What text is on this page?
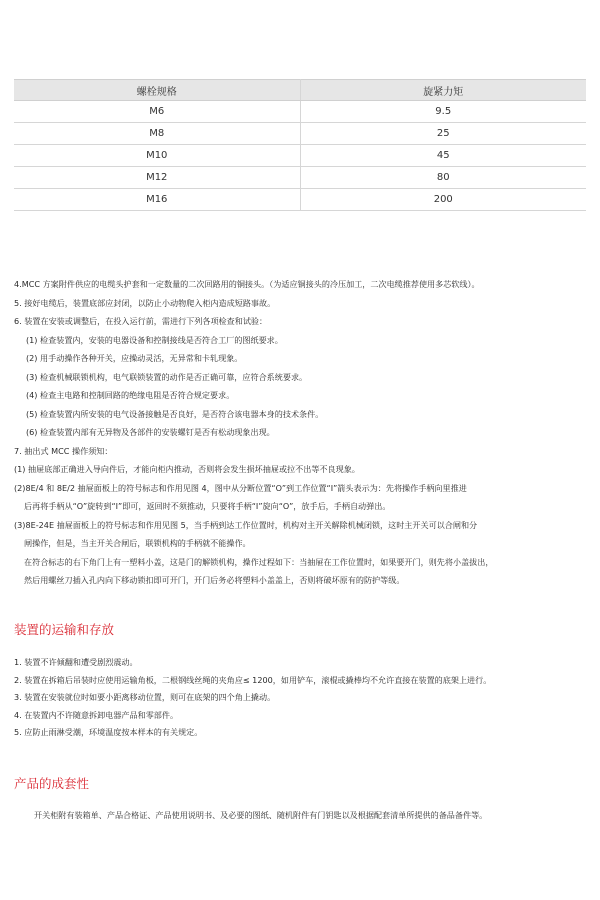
螺栓规格	旋紧力矩
M6	9.5
M8	25
M10	45
M12	80
M16	200

4.MCC 方案附件供应的电缆头护套和一定数量的二次回路用的铜接头。（为适应铜接头的冷压加工，二次电缆推荐使用多芯软线）。

5. 接好电缆后，装置底部应封闭，以防止小动物爬入柜内造成短路事故。

6. 装置在安装或调整后，在投入运行前，需进行下列各项检查和试验：

(1) 检查装置内，安装的电器设备和控制接线是否符合工厂的图纸要求。

(2) 用手动操作各种开关，应操动灵活，无异常和卡轧现象。

(3) 检查机械联锁机构，电气联锁装置的动作是否正确可靠，应符合系统要求。

(4) 检查主电路和控制回路的绝缘电阻是否符合规定要求。

(5) 检查装置内所安装的电气设备接触是否良好，是否符合该电器本身的技术条件。

(6) 检查装置内部有无异物及各部件的安装螺钉是否有松动现象出现。

7. 抽出式 MCC 操作须知：

(1) 抽屉底部正确进入导向件后，才能向柜内推动，否则将会发生损坏抽屉或拉不出等不良现象。

(2)8E/4 和 8E/2 抽屉面板上的符号标志和作用见图 4，图中从分断位置“O”到工作位置“I”箭头表示为：先将操作手柄向里推进

后再将手柄从“O”旋转到“I”即可，返回时不须推动，只要将手柄“I”旋向“O”，放手后，手柄自动弹出。

(3)8E-24E 抽屉面板上的符号标志和作用见图 5，当手柄到达工作位置时，机构对主开关解除机械闭锁，这时主开关可以合闸和分

闸操作，但是，当主开关合闸后，联锁机构的手柄就不能操作。

在符合标志的右下角门上有一塑料小盖，这是门的解锁机构，操作过程如下：当抽屉在工作位置时，如果要开门，则先将小盖拔出，

然后用螺丝刀插入孔内向下移动锁扣即可开门，开门后务必将塑料小盖盖上，否则将破坏原有的防护等级。

装置的运输和存放

1. 装置不许倾翻和遭受剧烈震动。

2. 装置在拆箱后吊装时应使用运输角板，二根钢线丝绳的夹角应≤ 1200，如用铲车，滚棍或撬棒均不允许直接在装置的底架上进行。

3. 装置在安装就位时如要小距离移动位置，则可在底架的四个角上撬动。

4. 在装置内不许随意拆卸电器产品和零部件。

5. 应防止雨淋受潮，环境温度按本样本的有关规定。

产品的成套性

开关柜附有装箱单、产品合格证、产品使用说明书、及必要的图纸、随机附件有门钥匙以及根据配套清单所提供的备品备件等。
